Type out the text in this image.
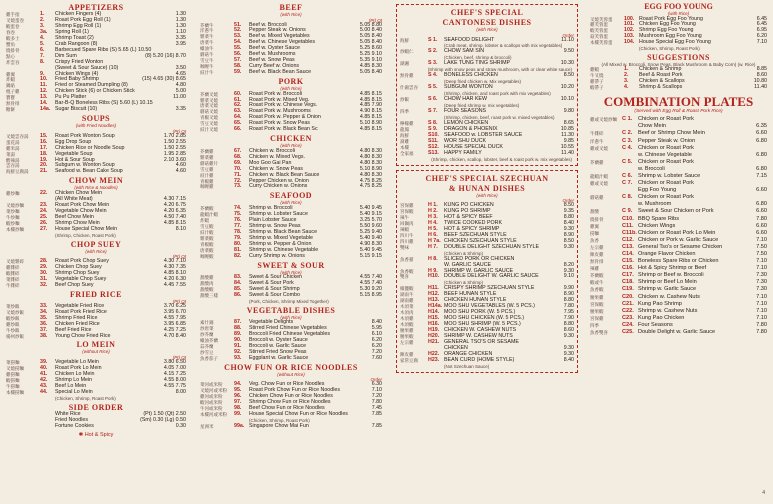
APPETIZERS
雞手指	1.	Chicken Fingers (4)	1.30
叉燒蛋卷	2.	Roast Pork Egg Roll (1)	1.30
蝦蛋卷	3.	Shrimp Egg Roll (1)	1.30
春卷	3a.	Spring Roll (1)	1.10
蝦多士	4.	Shrimp Toast (2)	3.35
蟹角	5.	Crab Rangoon (8)	3.95
燒排骨	6.	Barbecued Spare Ribs (S) 5.65 (L) 10.50
點心	7.	Dim Sum	(8) 5.20 (16) 8.70
炸雲吞	8.	Crispy Fried Wonton
(Sweet & Sour Sauce) (10)	3.50
雞翼	9.	Chicken Wings (4)	4.65
炸蝦	10.	Fried Baby Shrimp	(15) 4.65 (30) 8.65
鍋貼	11.	Fried or Steamed Dumpling (8)	4.80
棍子雞	12.	Chicken Stick (6) or Chicken Stick	5.00
寶寶	13.	Pu Pu Platter	11.00
無骨排	14.	Bar-B-Q Boneless Ribs (S) 5.60 (L) 10.15
糖餅	14a. Sugar Biscuit (10)	3.35
SOUPS
(with Fried Noodles)
(Pt) Qt
叉燒雲吞湯	15.	Roast Pork Wonton Soup	1.70 2.85
蛋花湯	16.	Egg Drop Soup	1.50 2.55
雞米湯	17.	Chicken Rice or Noodle Soup	1.50 2.55
菜湯	18.	Vegetable Soup	1.95 2.85
酸辣湯	19.	Hot & Sour Soup	2.10 3.60
雲吞湯	20.	Subgum w. Wonton Soup	4.60
海鮮豆腐湯	21.	Seafood w. Bean Cake Soup	4.60
CHOW MEIN
(with Rice & Noodles)
雞炒麵	22.	Chicken Chow Mein
(All White Meat)	4.30 7.15
叉燒炒麵	23.	Roast Pork Chow Mein	4.20 6.75
菜炒麵	24.	Vegetable Chow Mein	4.20 6.35
牛炒麵	25.	Beef Chow Mein	4.50 7.40
蝦炒麵	26.	Shrimp Chow Mein	4.85 8.15
本樓炒麵	27.	House Special Chow Mein	8.10
(Shrimp, Chicken, Roast Pork)
CHOP SUEY
(with Rice)
(Pt) Qt
叉燒雜碎	28.	Roast Pork Chop Suey	4.30 7.10
雞雜碎	29.	Chicken Chop Suey	4.30 7.35
蝦雜碎	30.	Shrimp Chop Suey	4.85 8.10
菜雜碎	31.	Vegetable Chop Suey	4.20 6.30
牛雜碎	32.	Beef Chop Suey	4.45 7.55
FRIED RICE
(Pt) Qt
菜炒飯	33.	Vegetable Fried Rice	3.70 6.25
叉燒炒飯	34.	Roast Pork Fried Rice	3.95 6.70
蝦炒飯	35.	Shrimp Fried Rice	4.55 7.95
雞炒飯	36.	Chicken Fried Rice	3.95 6.85
牛炒飯	37.	Beef Fried Rice	4.25 7.25
楊州炒飯	38.	Young Chow Fried Rice	4.70 8.40
LO MEIN
(without Rice)
(Pt) Qt
菜撈麵	39.	Vegetable Lo Mein	3.80 6.50
叉燒撈麵	40.	Roast Pork Lo Mein	4.05 7.00
雞撈麵	41.	Chicken Lo Mein	4.15 7.25
蝦撈麵	42.	Shrimp Lo Mein	4.55 8.00
牛撈麵	43.	Beef Lo Mein	4.55 7.75
本樓撈麵	44.	Special Lo Mein	8.00
(Chicken, Shrimp, Roast Pork)
SIDE ORDER
White Rice	(Pt) 1.50 (Qt) 2.50
Fried Noodles	(Sm) 0.30 (Lg) 0.50
Fortune Cookies	0.30
✱ Hot & Spicy
BEEF
(with Rice)
(Pt) Qt
芥蘭牛	51.	Beef w. Broccoli	5.05 8.80
洋蔥牛	52.	Pepper Steak w. Onions	5.00 8.40
雜菜牛	53.	Beef w. Mixed Vegetables	5.05 8.40
唐菜牛	54.	Beef w. Chinese Vegetables	5.05 8.40
蠔油牛	55.	Beef w. Oyster Sauce	5.25 8.60
蘑菇牛	56.	Beef w. Mushrooms	5.25 9.10
雪豆牛	57.	Beef w. Snow Peas	5.35 9.10
咖喱牛	58.	Curry Beef w. Onions	4.85 8.30
豉汁牛	59.	Beef w. Black Bean Sauce	5.05 8.40
PORK
(with Rice)
芥蘭叉燒	60.	Roast Pork w. Broccoli	4.85 8.15
雜菜叉燒	61.	Roast Pork w. Mixed Veg.	4.85 8.15
唐菜叉燒	62.	Roast Pork w. Chinese Vegs.	4.85 7.90
蘑菇叉燒	63.	Roast Pork w. Mushrooms	4.90 8.15
青椒叉燒	64.	Roast Pork w. Pepper & Onion	4.85 8.15
雪豆叉燒	65.	Roast Pork w. Snow Peas	5.10 8.90
豉汁叉燒	66.	Roast Pork w. Black Bean Sc	4.85 8.15
CHICKEN
(with Rice)
芥蘭雞	67.	Chicken w. Broccoli	4.80 8.30
雜菜雞	68.	Chicken w. Mixed Vegs.	4.80 8.30
蘑菇雞片	69.	Moo Goo Gai Pan	4.80 8.30
雪豆雞	70.	Chicken w. Snow Peas	5.10 8.90
豉汁雞	71.	Chicken w. Black Bean Sauce	4.80 8.30
青椒雞	72.	Pepper Chicken w. Onion	4.75 8.25
咖喱雞	73.	Curry Chicken w. Onions	4.75 8.25
SEAFOOD
(with Rice)
芥蘭蝦	74.	Shrimp w. Broccoli	5.40 9.45
龍蝦汁蝦	75.	Shrimp w. Lobster Sauce	5.40 9.15
炸蝦	76.	Plain Lobster Sauce	3.25 5.70
雪豆蝦	77.	Shrimp w. Snow Peas	5.50 9.60
豉汁蝦	78.	Shrimp w. Black Bean Sauce	5.25 9.40
雜菜蝦	79.	Shrimp w. Mixed Vegetable	5.40 9.40
青椒蝦	80.	Shrimp w. Pepper & Onion	4.90 8.30
唐菜蝦	81.	Shrimp w. Chinese Vegetable	5.40 9.45
咖喱蝦	82.	Curry Shrimp w. Onions	5.15 9.15
SWEET & SOUR
(with Rice)
甜酸雞	83.	Sweet & Sour Chicken	4.55 7.40
甜酸肉	84.	Sweet & Sour Pork	4.55 7.40
甜酸蝦	85.	Sweet & Sour Shrimp	5.30 9.20
甜酸三樣	86.	Sweet & Sour Combo	5.15 8.95
(Pork, Chicken, Shrimp Mixed Together)
VEGETABLE DISHES
(with Rice)
素什錦	87.	Vegetable Delights	8.40
炒唐菜	88.	Stirred Fried Chinese Vegetables	5.95
炒芥蘭	89.	Broccoli Fried Chinese Vegetables	6.10
蠔油芥蘭	90.	Broccoli w. Oyster Sauce	6.20
蒜芥蘭	91.	Broccoli w. Garlic Sauce	6.20
炒雪豆	92.	Stirred Fried Snow Peas	7.20
魚香茄子	93.	Eggplant w. Garlic Sauce	7.60
CHOW FUN OR RICE NOODLES
(without Rice)
Order
菜河或米粉	94.	Veg. Chow Fun or Rice Noodles	6.30
叉燒河或米粉	95.	Roast Pork Chow Fun or Rice Noodles	7.10
雞河或米粉	96.	Chicken Chow Fun or Rice Noodles	7.20
蝦河或米粉	97.	Shrimp Chow Fun or Rice Noodles	7.80
牛河或米粉	98.	Beef Chow Fun or Rice Noodles	7.45
本樓河或米粉	99.	House Special Chow Fun or Rice Noodles	7.85
(Chicken, Shrimp, Roast Pork)
星洲米	99a. Singapore Chow Mai Fun	7.85
CHEF'S SPECIAL
CANTONESE DISHES
(with Rice)
Order
海鮮	S 1.	SEAFOOD DELIGHT	11.10
(Crab meat, shrimp, lobster & scallops with mix vegetables)
炒蝦仁	S 2.	CHOW SAM SIN	9.50
(Chicken, beef, shrimp & broccoli)
湖湘	S 3.	LAKE TUNG TING SHRIMP	10.30
(Shrimp with snow peas and straw mushroom, with or clear white sauce)
無骨雞	S 4.	BONELESS CHICKEN	8.50
(Deep fried chicken w. Mix vegetables)
什錦雲吞	S 5.	SUBGUM WONTON	10.20
(Shrimp, chicken, and roast pork with mix vegetables)
炒飯	S 6.	CHOW HAR KEW	10.10
(Deep fried shrimp w. mix vegetables)
四季	S 7.	FOUR SEASONS	9.80
(Shrimp, chicken, beef, roast pork w. mixed vegetables)
檸檬雞	S 8.	LEMON CHICKEN	8.65
龍鳳	S 9.	DRAGON & PHOENIX	10.85
海鮮	S10. SEAFOOD w. LOBSTER SAUCE	11.30
窩雞	S11.	WOR SHU DUCK	9.85
本樓	S12. HOUSE SPECIAL DUCK	10.55
全家福	S13. HAPPY FAMILY	11.40
(Shrimp, chicken, scallop, lobster, beef & roast pork w. mix vegetables)
CHEF'S SPECIAL SZECHUAN
& HUNAN DISHES
(with Rice)
Order
宮保雞	H 1.	KUNG PO CHICKEN	8.50
宮保蝦	H 2.	KUNG PO SHRIMP	9.35
辣牛	H 3.	HOT & SPICY BEEF	8.80
回鍋肉	H 4.	TWICE COOKED PORK	8.40
辣蝦	H 5.	HOT & SPICY SHRIMP	9.30
四川牛	H 6.	BEEF SZECHUAN STYLE	8.90
四川雞	H 7a. CHICKEN SZECHUAN STYLE	8.50
雙味	H 7.	DOUBLE DELIGHT SZECHUAN STYLE	9.30
(Chicken & Shrimp)
魚香豬	H 8.	SLICED PORK OR CHICKEN
W. GARLIC SAUCE	8.20
魚香蝦	H 9.	SHRIMP W. GARLIC SAUCE	9.30
雙喜	H10. DOUBLE DELIGHT W. GARLIC SAUCE	9.10
(Chicken & Shrimp)
椒鹽蝦	H11. CRISPY SHRIMP SZECHUAN STYLE	9.90
湖南牛	H12. BEEF HUNAN STYLE	8.90
湖南雞	H13. CHICKEN HUNAN STYLE	8.80
木須菜	H14a. MOO SHU VEGETABLES (W. 5 PCS.)	7.80
木須肉	H14. MOO SHU PORK (W. 5 PCS.)	7.95
木須雞	H15. MOO SHU CHICKEN (W. 5 PCS.)	7.90
木須蝦	H16. MOO SHU SHRIMP (W. 5 PCS.)	8.80
腰果雞	H19. CHICKEN W. CASHEW NUTS	8.60
腰果蝦	H20. SHRIMP W. CASHEW NUTS	9.30
左宗雞	H21. GENERAL TSO'S OR SESAME
CHICKEN	9.30
陳皮雞	H22. ORANGE CHICKEN	9.30
家常豆腐	H23. BEAN CURD (HOME STYLE)	8.40
(Not Szechuan Sauce)
EGG FOO YOUNG
(with Rice)
叉燒芙蓉蛋	100. Roast Pork Egg Foo Young	6.45
雞芙蓉蛋	101. Chicken Egg Foo Young	6.45
蝦芙蓉蛋	102. Shrimp Egg Foo Young	6.95
菇芙蓉蛋	103. Mushroom Egg Foo Young	6.20
本樓芙蓉蛋	104. House Special Egg Foo Young	7.10
(Chicken, Shrimp, Roast Pork)
SUGGESTIONS
(All Mixed w. Broccoli, Snow Peas, Black Mushroom & Baby Corn) (w. Rice)
雞蝦	1.	Chicken & Shrimp	8.85
牛叉燒	2.	Beef & Roast Pork	8.60
雞帶子	3.	Chicken & Scallops	10.80
蝦帶子	4.	Shrimp & Scallops	11.40
COMBINATION PLATES
(Served with Egg Roll & Roast Pork Rice)
雞或叉燒炒麵 C 1.	Chicken or Roast Pork
Chow Mein	6.35
牛雜碎	C 2.	Beef or Shrimp Chow Mein	6.60
洋蔥牛	C 3.	Pepper Steak w. Onion	6.80
雞或叉燒	C 4.	Chicken or Roast Pork
w. Chinese Vegetable	6.80
芥蘭雞	C 5.	Chicken or Roast Pork
w. Broccoli	6.80
龍蝦汁蝦	C 6.	Shrimp w. Lobster Sauce	7.15
雞或叉燒	C 7.	Chicken or Roast Pork
Egg Foo Young	6.60
蘑菇雞	C 8.	Chicken or Roast Pork
w. Mushroom	6.80
甜酸	C 9.	Sweet & Sour Chicken or Pork	6.60
燒排骨	C10. BBQ Spare Ribs	7.80
雞翼	C11. Chicken Wings	6.60
撈麵	C11b. Chicken or Roast Pork Lo Mein	6.60
魚香	C12. Chicken or Pork w. Garlic Sauce	7.10
左宗雞	C13. General Tso's or Sesame Chicken	7.50
陳皮雞	C14. Orange Flavor Chicken	7.50
無骨排	C15. Boneless Spare Ribs or Chicken	7.10
辣雞	C16. Hot & Spicy Shrimp or Beef	7.10
芥蘭蝦	C17. Shrimp or Beef w. Broccoli	7.30
蝦或牛	C18. Shrimp or Beef Lo Mein	7.30
魚香蝦	C19. Shrimp w. Garlic Sauce	7.30
腰果雞	C20. Chicken w. Cashew Nuts	7.10
宮保蝦	C21. Kung Pao Shrimp	7.10
腰果蝦	C22. Shrimp w. Cashew Nuts	7.10
宮保雞	C23. Kung Pao Chicken	7.10
四季	C24. Four Seasons	7.80
魚香雙喜	C25. Double Delight w. Garlic Sauce	7.80
4
